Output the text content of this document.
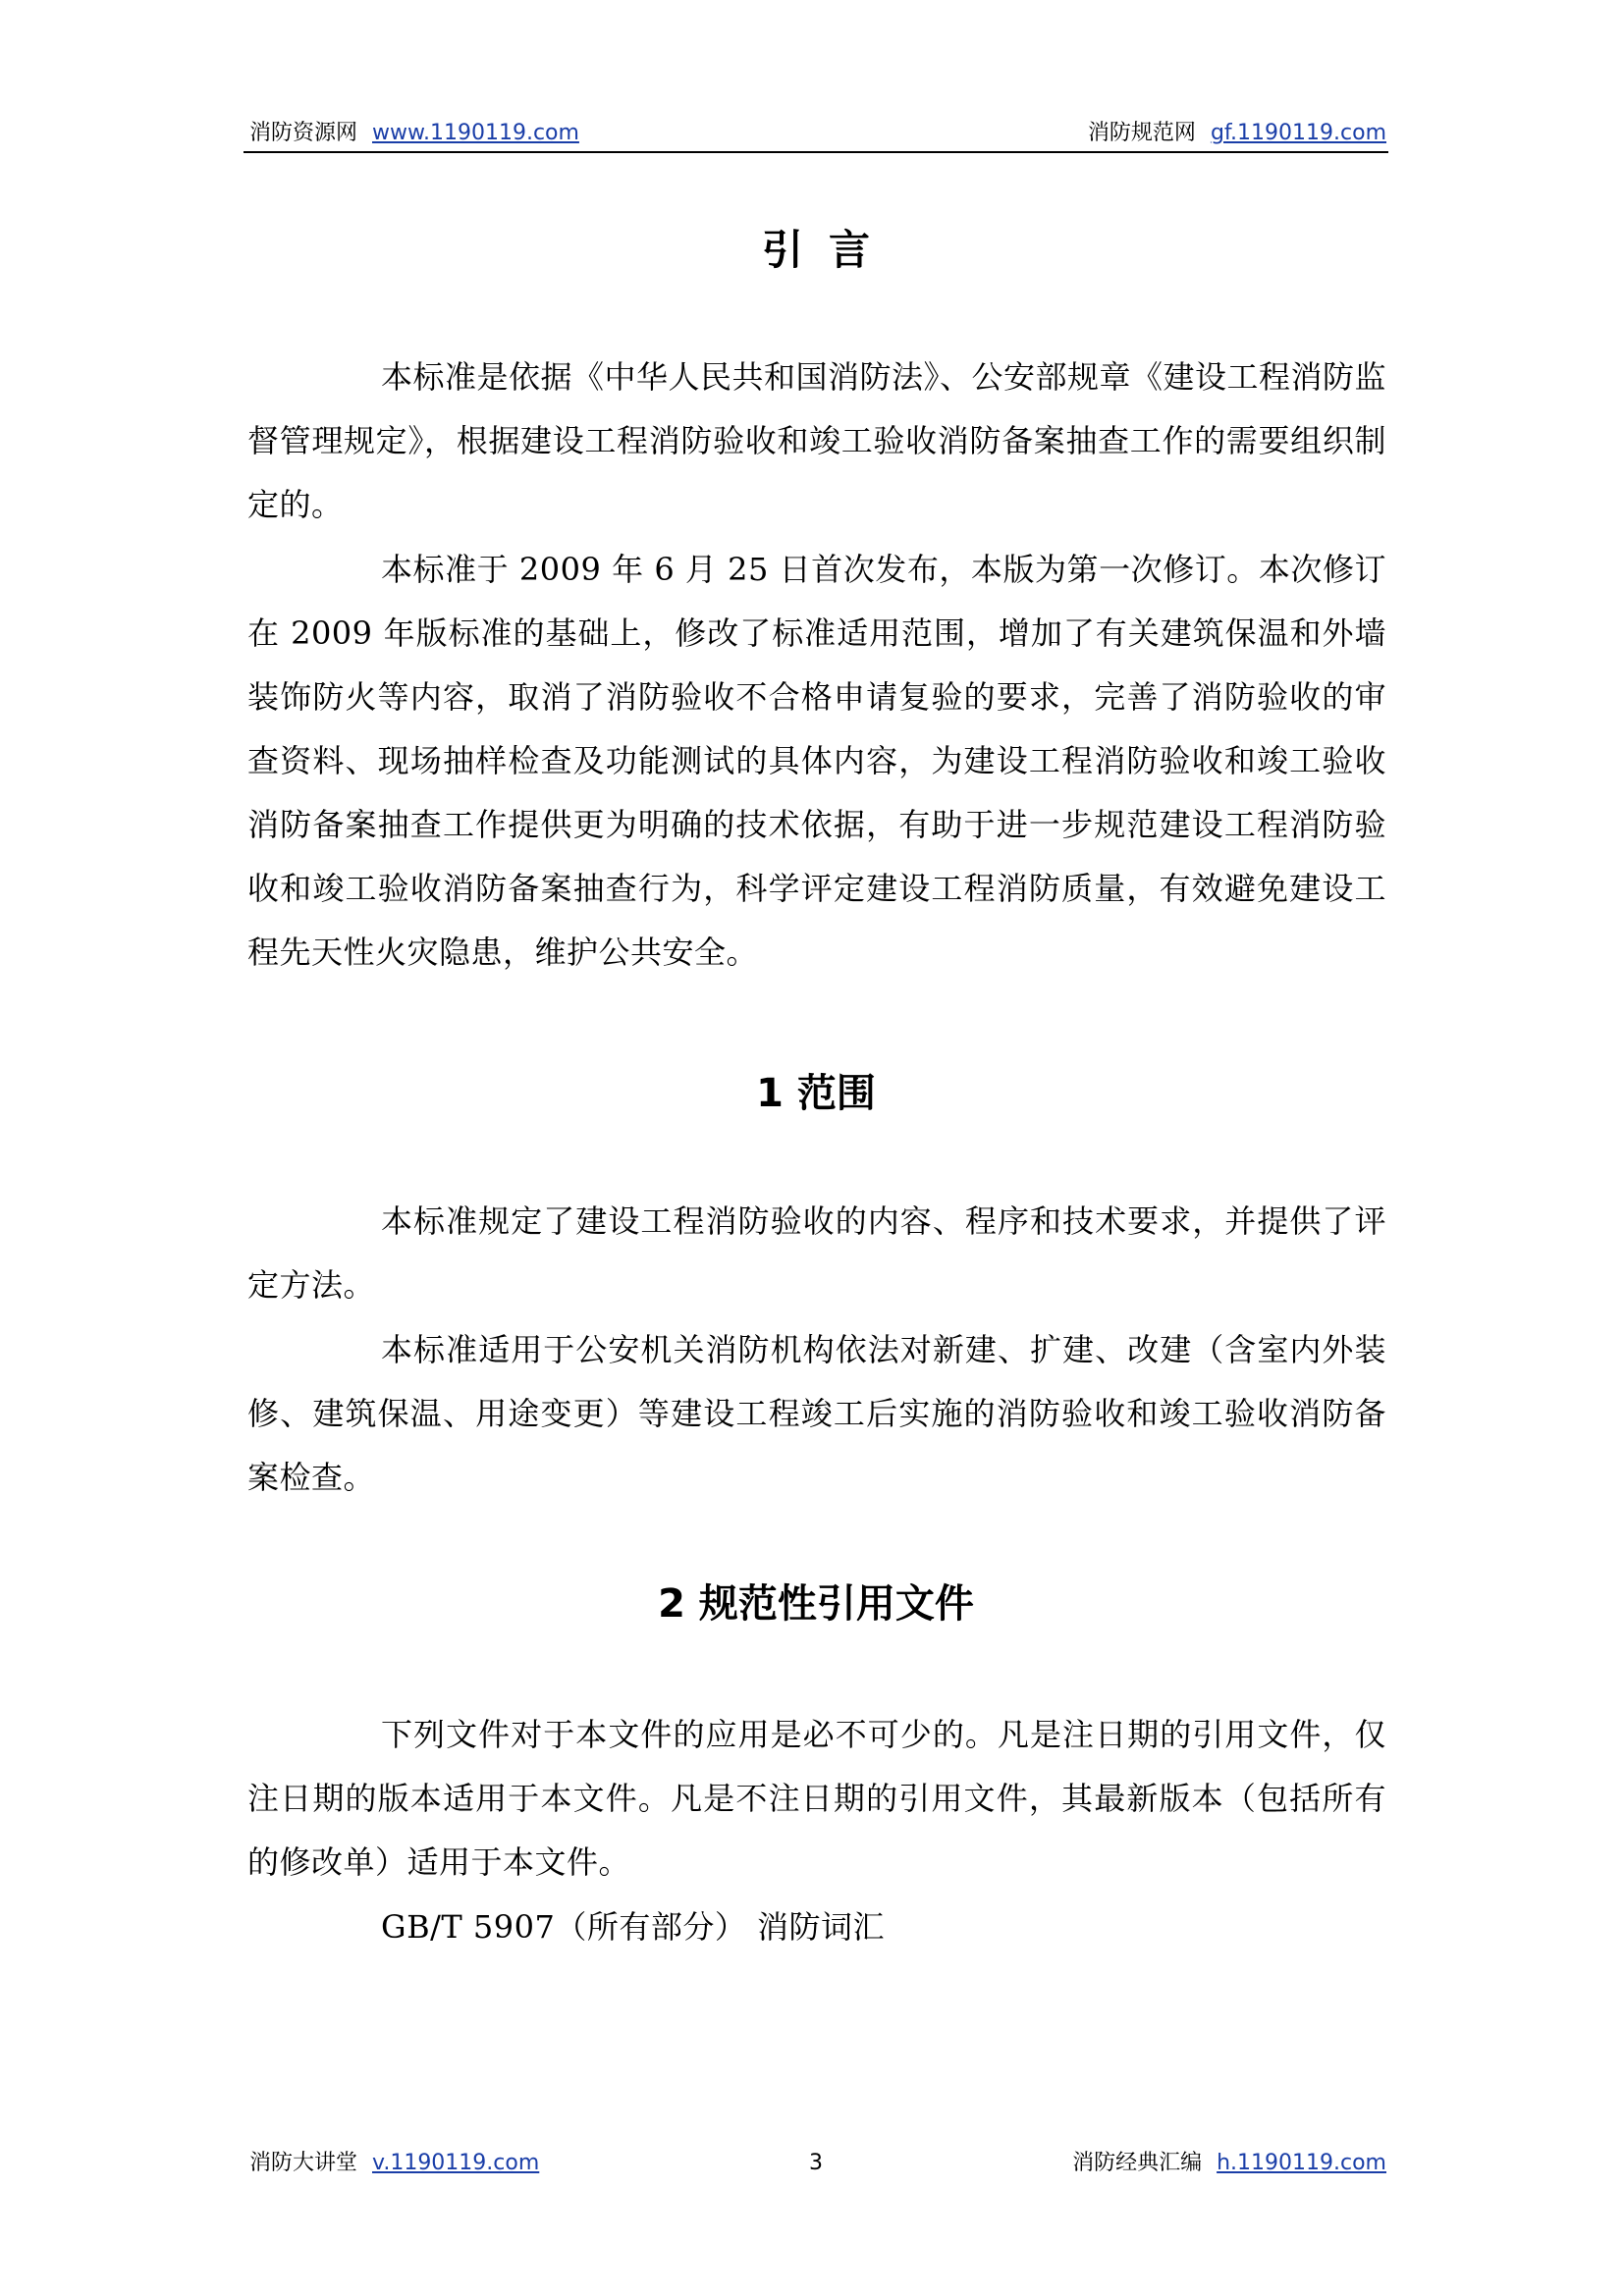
消防资源网 www.1190119.com	消防规范网 gf.1190119.com
引言

本标准是依据《中华人民共和国消防法》、公安部规章《建设工程消防监督管理规定》，根据建设工程消防验收和竣工验收消防备案抽查工作的需要组织制定的。

本标准于 2009 年 6 月 25 日首次发布，本版为第一次修订。本次修订在 2009 年版标准的基础上，修改了标准适用范围，增加了有关建筑保温和外墙装饰防火等内容，取消了消防验收不合格申请复验的要求，完善了消防验收的审查资料、现场抽样检查及功能测试的具体内容，为建设工程消防验收和竣工验收消防备案抽查工作提供更为明确的技术依据，有助于进一步规范建设工程消防验收和竣工验收消防备案抽查行为，科学评定建设工程消防质量，有效避免建设工程先天性火灾隐患，维护公共安全。

1 范围

本标准规定了建设工程消防验收的内容、程序和技术要求，并提供了评定方法。

本标准适用于公安机关消防机构依法对新建、扩建、改建（含室内外装修、建筑保温、用途变更）等建设工程竣工后实施的消防验收和竣工验收消防备案检查。

2 规范性引用文件

下列文件对于本文件的应用是必不可少的。凡是注日期的引用文件，仅注日期的版本适用于本文件。凡是不注日期的引用文件，其最新版本（包括所有的修改单）适用于本文件。

GB/T 5907（所有部分） 消防词汇

消防大讲堂 v.1190119.com	3	消防经典汇编 h.1190119.com
